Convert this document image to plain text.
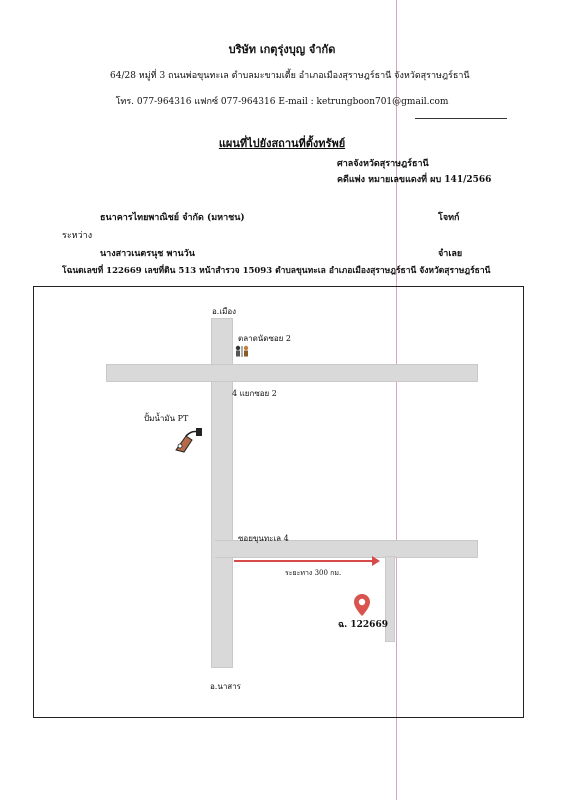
บริษัท เกตุรุ่งบุญ จำกัด
64/28 หมู่ที่ 3 ถนนพ่อขุนทะเล ตำบลมะขามเตี้ย อำเภอเมืองสุราษฎร์ธานี จังหวัดสุราษฎร์ธานี
โทร. 077-964316 แฟกซ์ 077-964316 E-mail : ketrungboon701@gmail.com
แผนที่ไปยังสถานที่ตั้งทรัพย์
ศาลจังหวัดสุราษฎร์ธานี
คดีแพ่ง หมายเลขแดงที่ ผบ 141/2566
ธนาคารไทยพาณิชย์ จำกัด (มหาชน)	โจทก์
ระหว่าง
นางสาวเนตรนุช พานวัน	จำเลย
โฉนดเลขที่ 122669 เลขที่ดิน 513 หน้าสำรวจ 15093 ตำบลขุนทะเล อำเภอเมืองสุราษฎร์ธานี จังหวัดสุราษฎร์ธานี
อ.เมือง
ตลาดนัดซอย 2
4 แยกซอย 2
ปั้มน้ำมัน PT
ซอยขุนทะเล 4
ระยะทาง 300 กม.
ฉ. 122669
อ.นาสาร
